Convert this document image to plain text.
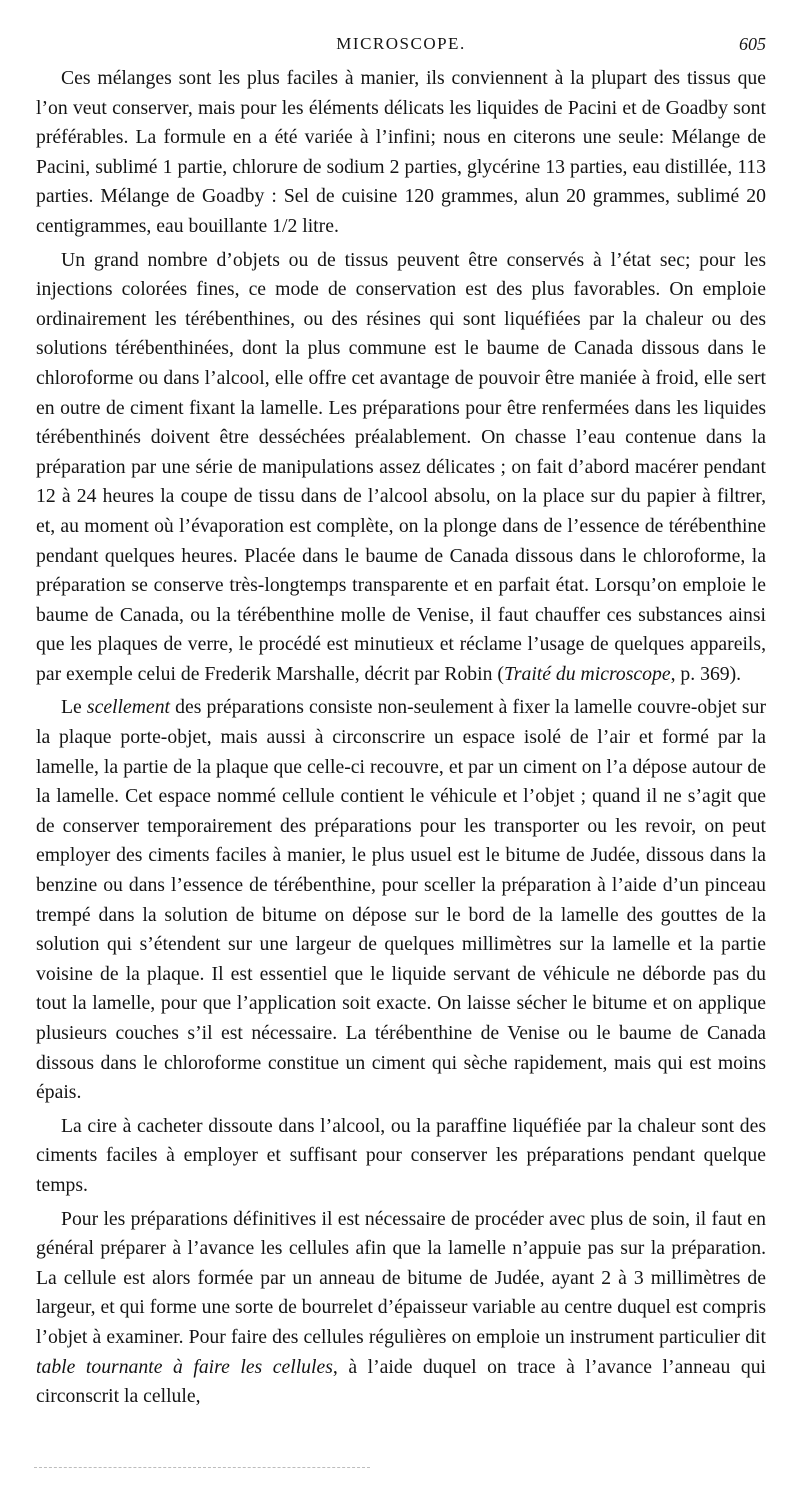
MICROSCOPE.	605

Ces mélanges sont les plus faciles à manier, ils conviennent à la plupart des tissus que l’on veut conserver, mais pour les éléments délicats les liquides de Pacini et de Goadby sont préférables. La formule en a été variée à l’infini; nous en citerons une seule: Mélange de Pacini, sublimé 1 partie, chlorure de sodium 2 parties, glycérine 13 parties, eau distillée, 113 parties. Mélange de Goadby : Sel de cuisine 120 grammes, alun 20 grammes, sublimé 20 centigrammes, eau bouillante 1/2 litre.

Un grand nombre d’objets ou de tissus peuvent être conservés à l’état sec; pour les injections colorées fines, ce mode de conservation est des plus favorables. On emploie ordinairement les térébenthines, ou des résines qui sont liquéfiées par la chaleur ou des solutions térébenthinées, dont la plus commune est le baume de Canada dissous dans le chloroforme ou dans l’alcool, elle offre cet avantage de pouvoir être maniée à froid, elle sert en outre de ciment fixant la lamelle. Les préparations pour être renfermées dans les liquides térébenthinés doivent être desséchées préalablement. On chasse l’eau contenue dans la préparation par une série de manipulations assez délicates ; on fait d’abord macérer pendant 12 à 24 heures la coupe de tissu dans de l’alcool absolu, on la place sur du papier à filtrer, et, au moment où l’évaporation est complète, on la plonge dans de l’essence de térébenthine pendant quelques heures. Placée dans le baume de Canada dissous dans le chloroforme, la préparation se conserve très-longtemps transparente et en parfait état. Lorsqu’on emploie le baume de Canada, ou la térébenthine molle de Venise, il faut chauffer ces substances ainsi que les plaques de verre, le procédé est minutieux et réclame l’usage de quelques appareils, par exemple celui de Frederik Marshalle, décrit par Robin (Traité du microscope, p. 369).

Le scellement des préparations consiste non-seulement à fixer la lamelle couvre-objet sur la plaque porte-objet, mais aussi à circonscrire un espace isolé de l’air et formé par la lamelle, la partie de la plaque que celle-ci recouvre, et par un ciment on l’a dépose autour de la lamelle. Cet espace nommé cellule contient le véhicule et l’objet ; quand il ne s’agit que de conserver temporairement des préparations pour les transporter ou les revoir, on peut employer des ciments faciles à manier, le plus usuel est le bitume de Judée, dissous dans la benzine ou dans l’essence de térébenthine, pour sceller la préparation à l’aide d’un pinceau trempé dans la solution de bitume on dépose sur le bord de la lamelle des gouttes de la solution qui s’étendent sur une largeur de quelques millimètres sur la lamelle et la partie voisine de la plaque. Il est essentiel que le liquide servant de véhicule ne déborde pas du tout la lamelle, pour que l’application soit exacte. On laisse sécher le bitume et on applique plusieurs couches s’il est nécessaire. La térébenthine de Venise ou le baume de Canada dissous dans le chloroforme constitue un ciment qui sèche rapidement, mais qui est moins épais.

La cire à cacheter dissoute dans l’alcool, ou la paraffine liquéfiée par la chaleur sont des ciments faciles à employer et suffisant pour conserver les préparations pendant quelque temps.

Pour les préparations définitives il est nécessaire de procéder avec plus de soin, il faut en général préparer à l’avance les cellules afin que la lamelle n’appuie pas sur la préparation. La cellule est alors formée par un anneau de bitume de Judée, ayant 2 à 3 millimètres de largeur, et qui forme une sorte de bourrelet d’épaisseur variable au centre duquel est compris l’objet à examiner. Pour faire des cellules régulières on emploie un instrument particulier dit table tournante à faire les cellules, à l’aide duquel on trace à l’avance l’anneau qui circonscrit la cellule,
